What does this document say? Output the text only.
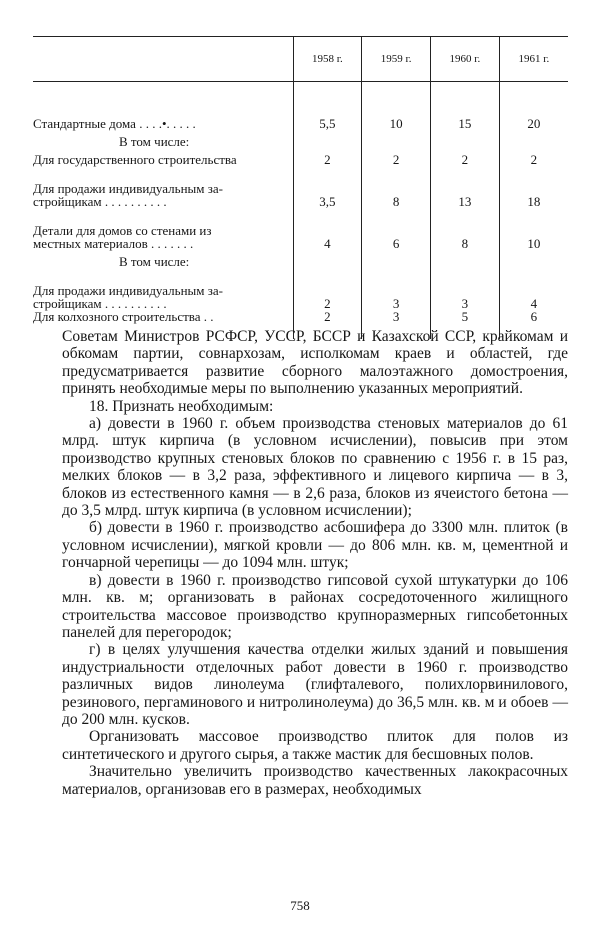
	1958 г.	1959 г.	1960 г.	1961 г.

Стандартные дома . . . .•. . . . .	5,5	10	15	20
В том числе:				
Для государственного строительства	2	2	2	2

Для продажи индивидуальным за-
стройщикам . . . . . . . . . .	3,5	8	13	18

Детали для домов со стенами из
местных материалов . . . . . . .	4	6	8	10
В том числе:				

Для продажи индивидуальным за-
стройщикам . . . . . . . . . .	2	3	3	4
Для колхозного строительства . .	2	3	5	6

Советам Министров РСФСР, УССР, БССР и Казахской ССР, крайкомам и обкомам партии, совнархозам, исполкомам краев и областей, где предусматривается развитие сборного малоэтажного домостроения, принять необходимые меры по выполнению указанных мероприятий.

18. Признать необходимым:

а) довести в 1960 г. объем производства стеновых материалов до 61 млрд. штук кирпича (в условном исчислении), повысив при этом производство крупных стеновых блоков по сравнению с 1956 г. в 15 раз, мелких блоков — в 3,2 раза, эффективного и лицевого кирпича — в 3, блоков из естественного камня — в 2,6 раза, блоков из ячеистого бетона — до 3,5 млрд. штук кирпича (в условном исчислении);

б) довести в 1960 г. производство асбошифера до 3300 млн. плиток (в условном исчислении), мягкой кровли — до 806 млн. кв. м, цементной и гончарной черепицы — до 1094 млн. штук;

в) довести в 1960 г. производство гипсовой сухой штукатурки до 106 млн. кв. м; организовать в районах сосредоточенного жилищного строительства массовое производство крупноразмерных гипсобетонных панелей для перегородок;

г) в целях улучшения качества отделки жилых зданий и повышения индустриальности отделочных работ довести в 1960 г. производство различных видов линолеума (глифталевого, полихлорвинилового, резинового, пергаминового и нитролинолеума) до 36,5 млн. кв. м и обоев — до 200 млн. кусков.

Организовать массовое производство плиток для полов из синтетического и другого сырья, а также мастик для бесшовных полов.

Значительно увеличить производство качественных лакокрасочных материалов, организовав его в размерах, необходимых

758
